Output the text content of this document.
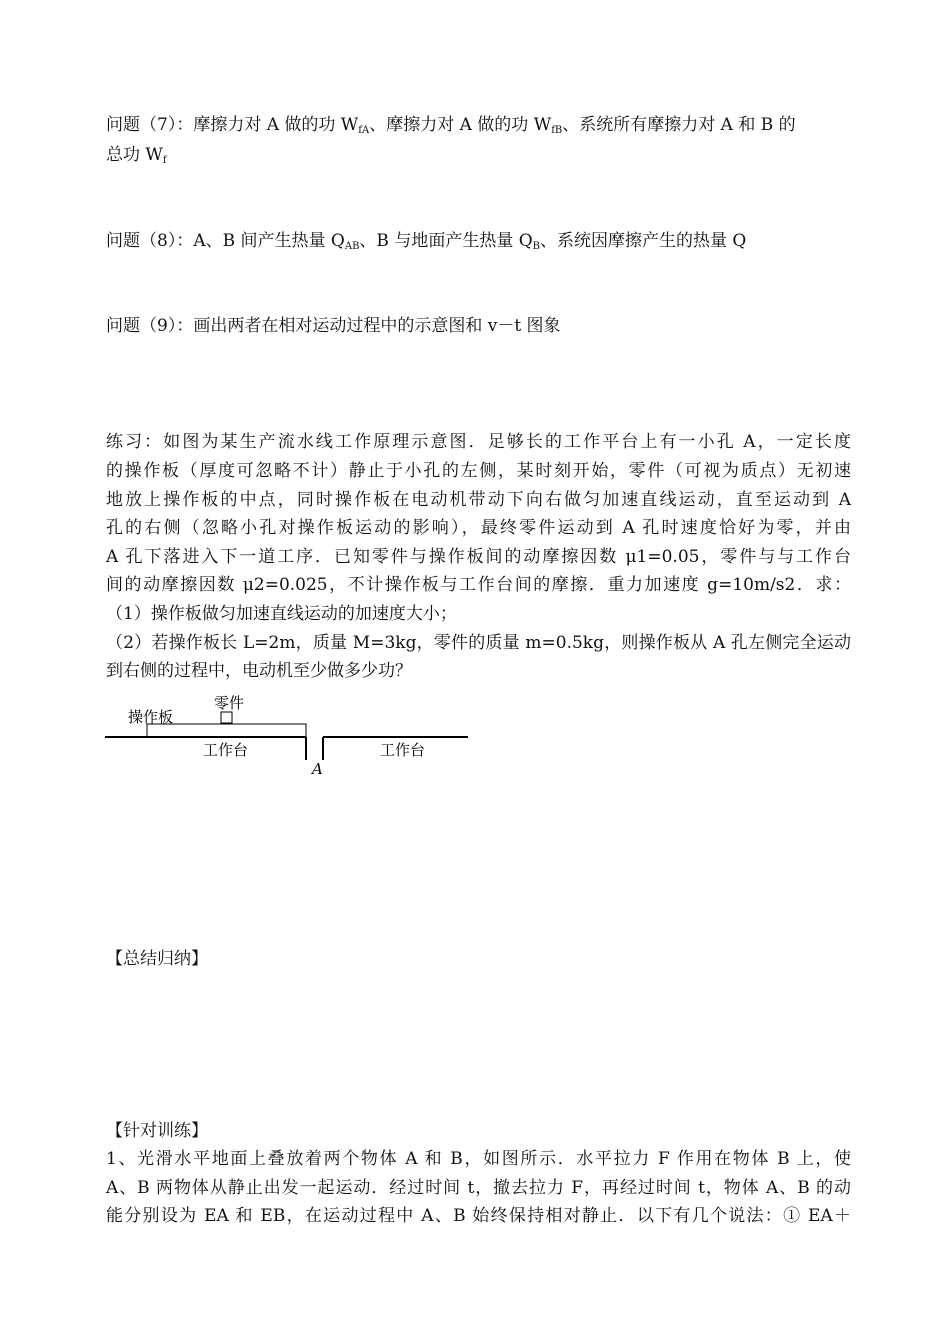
问题（7）：摩擦力对 A 做的功 $W_{fA}$、摩擦力对 A 做的功 $W_{fB}$、系统所有摩擦力对 A 和 B 的
总功 $W_f$
问题（8）：A、B 间产生热量 $Q_{AB}$、B 与地面产生热量 $Q_B$、系统因摩擦产生的热量 Q
问题（9）：画出两者在相对运动过程中的示意图和 v－t 图象
练习：如图为某生产流水线工作原理示意图．足够长的工作平台上有一小孔 A，一定长度
的操作板（厚度可忽略不计）静止于小孔的左侧，某时刻开始，零件（可视为质点）无初速
地放上操作板的中点，同时操作板在电动机带动下向右做匀加速直线运动，直至运动到 A
孔的右侧（忽略小孔对操作板运动的影响），最终零件运动到 A 孔时速度恰好为零，并由
A 孔下落进入下一道工序．已知零件与操作板间的动摩擦因数 μ1=0.05，零件与与工作台
间的动摩擦因数 μ2=0.025，不计操作板与工作台间的摩擦．重力加速度 g=10m/s2．求：
（1）操作板做匀加速直线运动的加速度大小；
（2）若操作板长 L=2m，质量 M=3kg，零件的质量 m=0.5kg，则操作板从 A 孔左侧完全运动
到右侧的过程中，电动机至少做多少功？
零件
操作板
工作台	工作台
A
【总结归纳】
【针对训练】
1、光滑水平地面上叠放着两个物体 A 和 B，如图所示．水平拉力 F 作用在物体 B 上，使
A、B 两物体从静止出发一起运动．经过时间 t，撤去拉力 F，再经过时间 t，物体 A、B 的动
能分别设为 EA 和 EB，在运动过程中 A、B 始终保持相对静止．以下有几个说法：① EA＋
